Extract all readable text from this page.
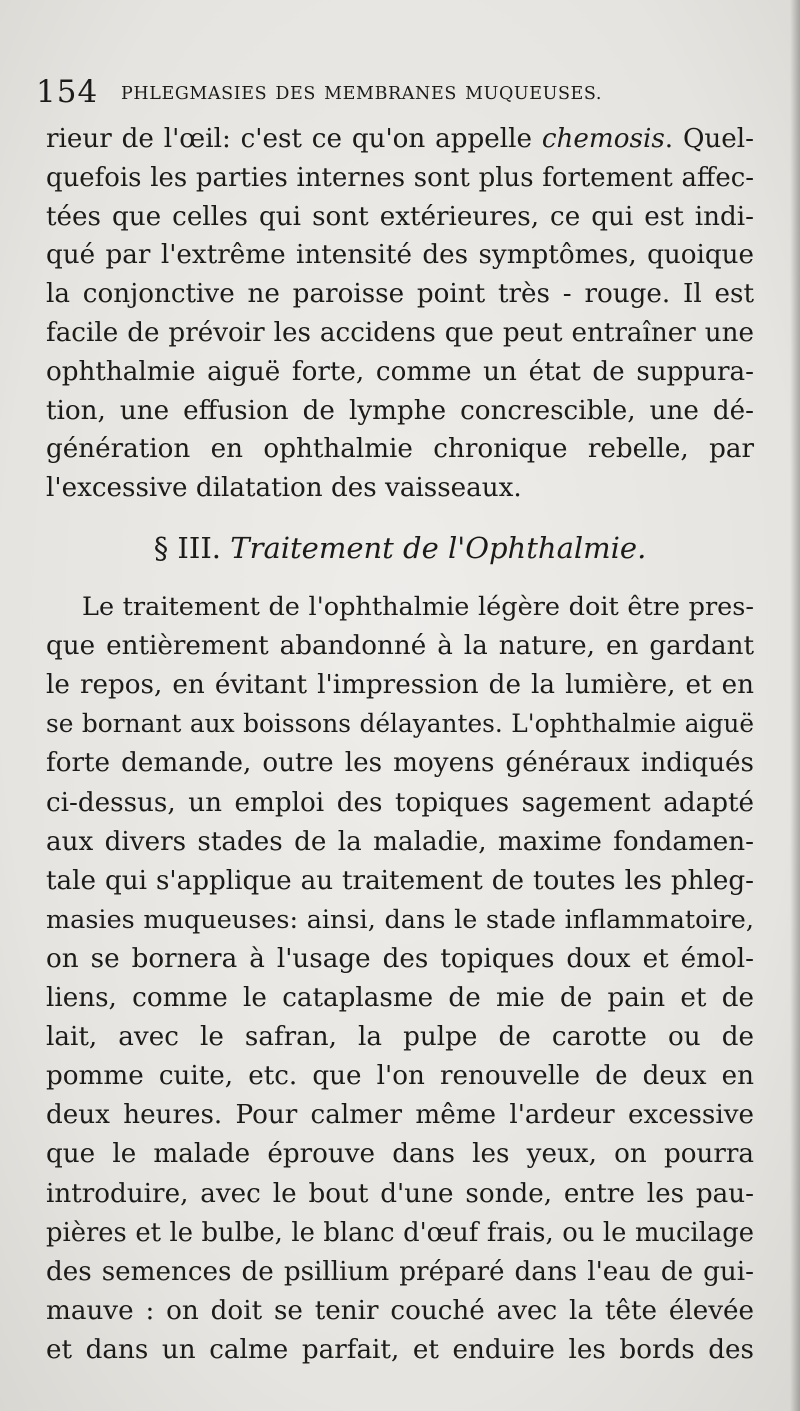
154 PHLEGMASIES DES MEMBRANES MUQUEUSES.
rieur de l'œil: c'est ce qu'on appelle chemosis. Quel-
quefois les parties internes sont plus fortement affec-
tées que celles qui sont extérieures, ce qui est indi-
qué par l'extrême intensité des symptômes, quoique
la conjonctive ne paroisse point très - rouge. Il est
facile de prévoir les accidens que peut entraîner une
ophthalmie aiguë forte, comme un état de suppura-
tion, une effusion de lymphe concrescible, une dé-
génération en ophthalmie chronique rebelle, par
l'excessive dilatation des vaisseaux.
§ III. Traitement de l'Ophthalmie.
Le traitement de l'ophthalmie légère doit être pres-
que entièrement abandonné à la nature, en gardant
le repos, en évitant l'impression de la lumière, et en
se bornant aux boissons délayantes. L'ophthalmie aiguë
forte demande, outre les moyens généraux indiqués
ci-dessus, un emploi des topiques sagement adapté
aux divers stades de la maladie, maxime fondamen-
tale qui s'applique au traitement de toutes les phleg-
masies muqueuses: ainsi, dans le stade inflammatoire,
on se bornera à l'usage des topiques doux et émol-
liens, comme le cataplasme de mie de pain et de
lait, avec le safran, la pulpe de carotte ou de
pomme cuite, etc. que l'on renouvelle de deux en
deux heures. Pour calmer même l'ardeur excessive
que le malade éprouve dans les yeux, on pourra
introduire, avec le bout d'une sonde, entre les pau-
pières et le bulbe, le blanc d'œuf frais, ou le mucilage
des semences de psillium préparé dans l'eau de gui-
mauve : on doit se tenir couché avec la tête élevée
et dans un calme parfait, et enduire les bords des
